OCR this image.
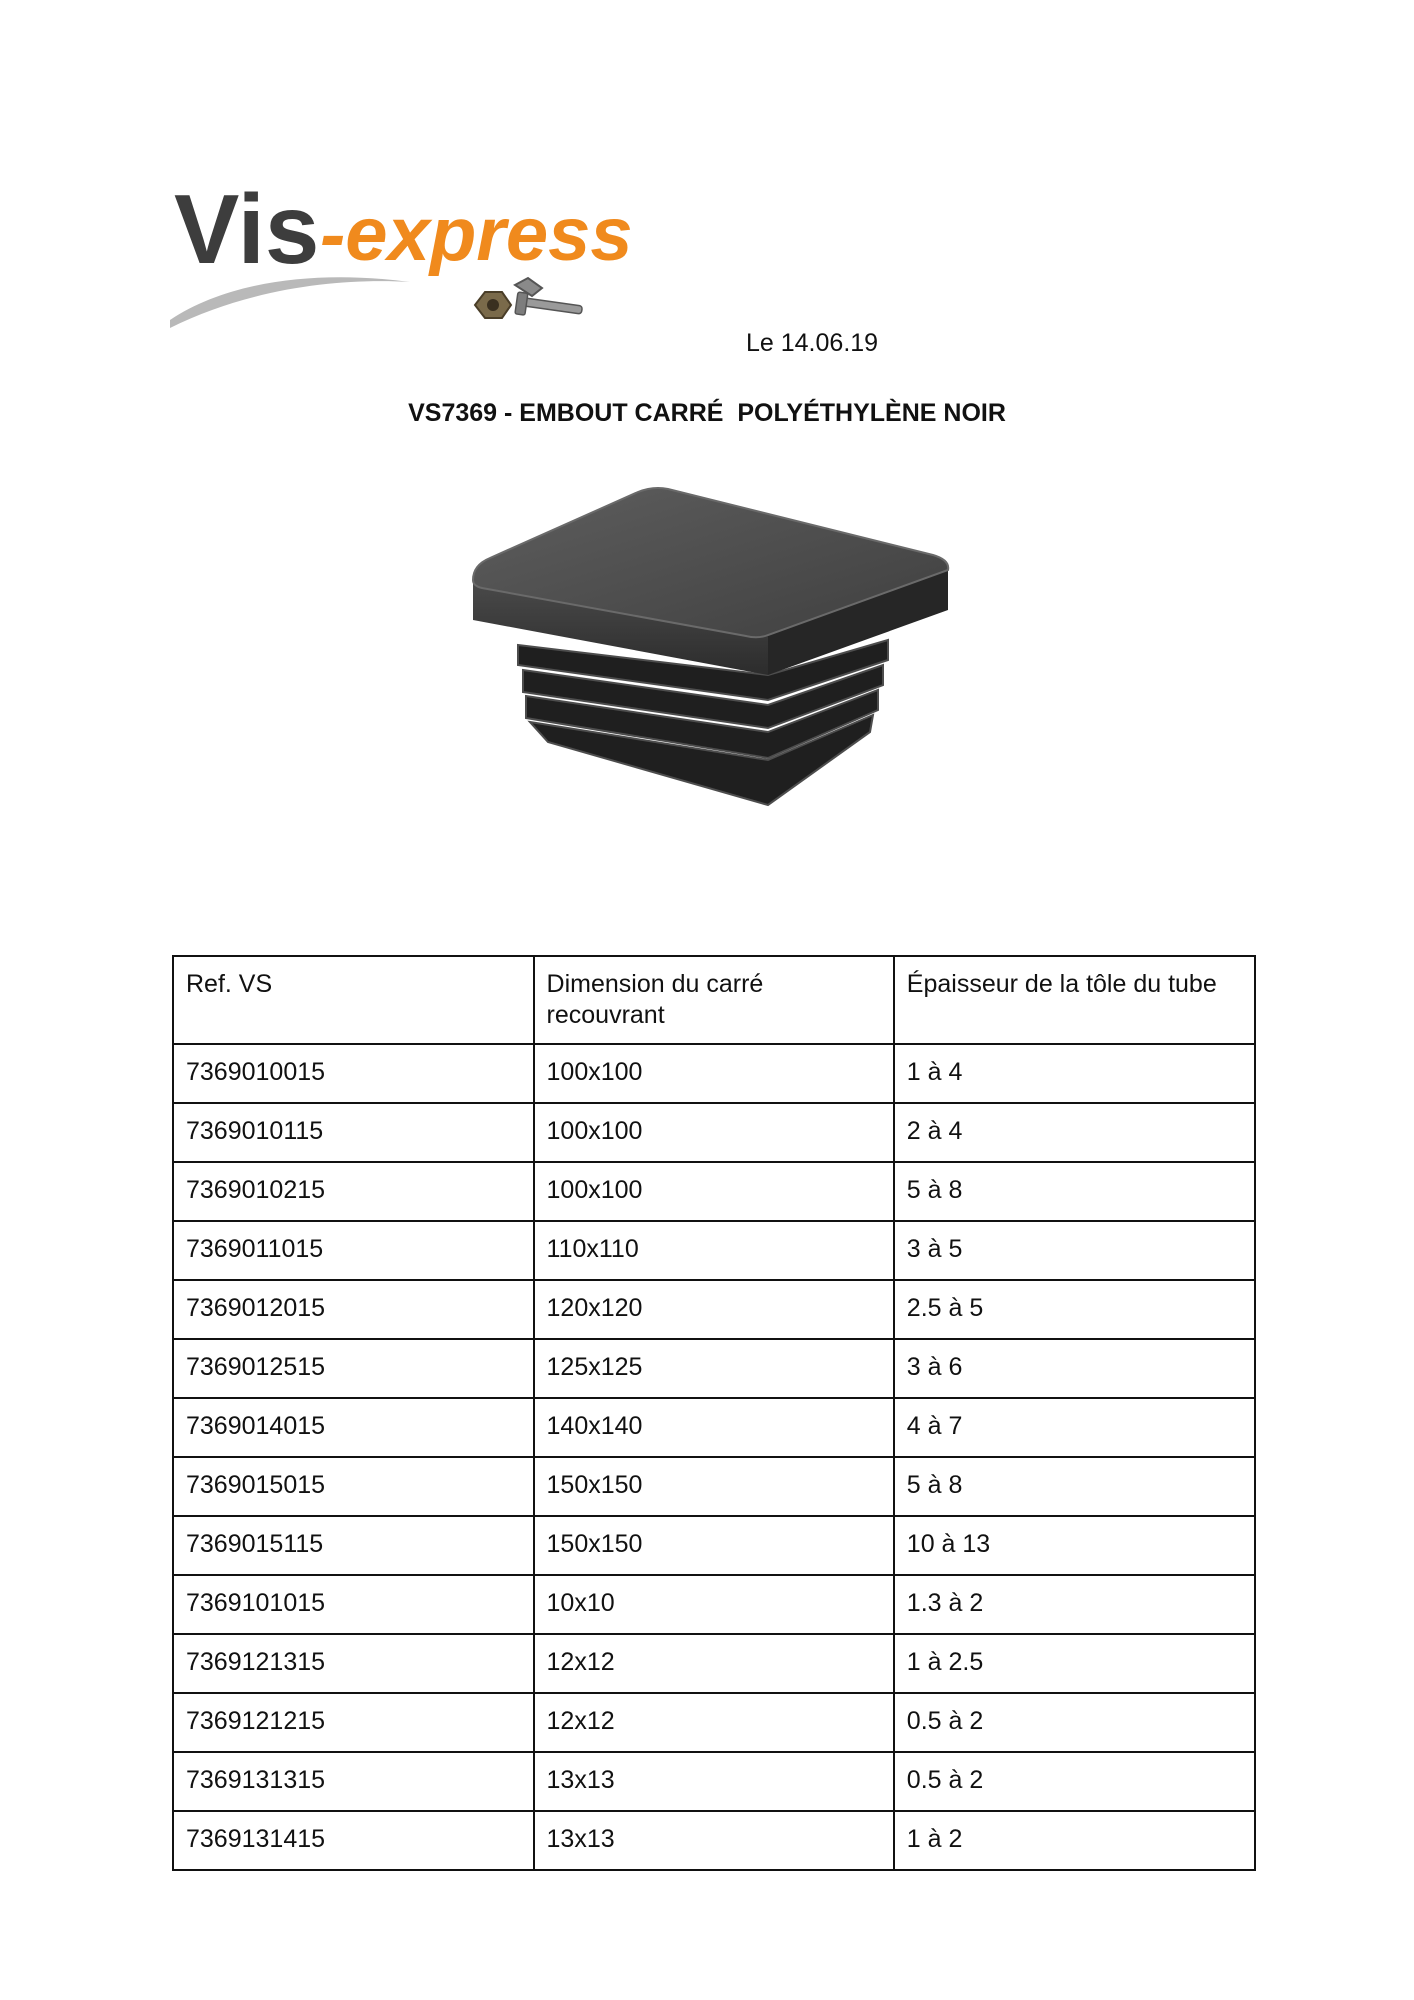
Vis -express
Le 14.06.19
VS7369 - EMBOUT CARRÉ  POLYÉTHYLÈNE NOIR
Ref. VS	Dimension du carré recouvrant	Épaisseur de la tôle du tube
7369010015	100x100	1 à 4
7369010115	100x100	2 à 4
7369010215	100x100	5 à 8
7369011015	110x110	3 à 5
7369012015	120x120	2.5 à 5
7369012515	125x125	3 à 6
7369014015	140x140	4 à 7
7369015015	150x150	5 à 8
7369015115	150x150	10 à 13
7369101015	10x10	1.3 à 2
7369121315	12x12	1 à 2.5
7369121215	12x12	0.5 à 2
7369131315	13x13	0.5 à 2
7369131415	13x13	1 à 2
